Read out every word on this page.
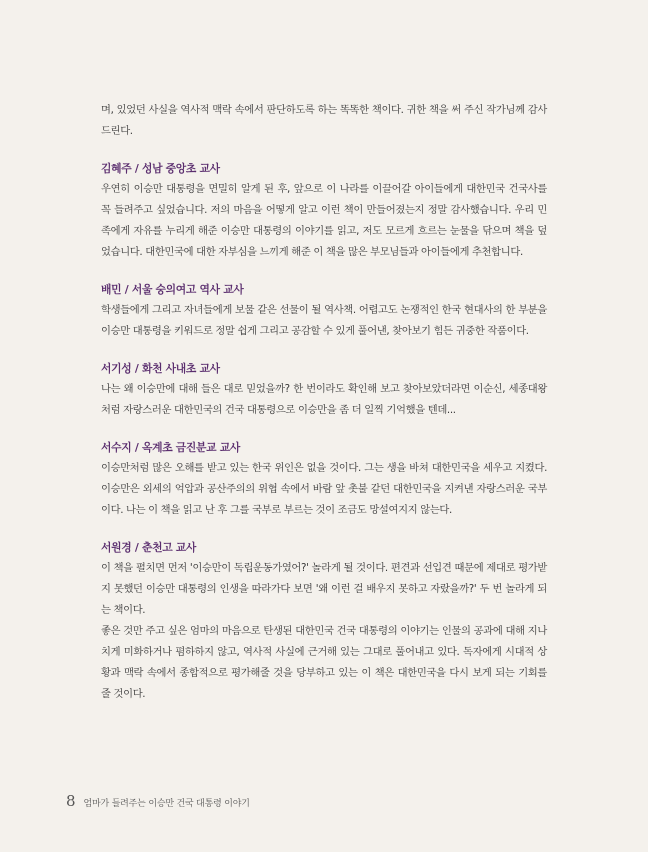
며, 있었던 사실을 역사적 맥락 속에서 판단하도록 하는 똑똑한 책이다. 귀한 책을 써 주신 작가님께 감사드린다.

김혜주 / 성남 중앙초 교사

우연히 이승만 대통령을 면밀히 알게 된 후, 앞으로 이 나라를 이끌어갈 아이들에게 대한민국 건국사를 꼭 들려주고 싶었습니다. 저의 마음을 어떻게 알고 이런 책이 만들어졌는지 정말 감사했습니다. 우리 민족에게 자유를 누리게 해준 이승만 대통령의 이야기를 읽고, 저도 모르게 흐르는 눈물을 닦으며 책을 덮었습니다. 대한민국에 대한 자부심을 느끼게 해준 이 책을 많은 부모님들과 아이들에게 추천합니다.

배민 / 서울 숭의여고 역사 교사

학생들에게 그리고 자녀들에게 보물 같은 선물이 될 역사책. 어렵고도 논쟁적인 한국 현대사의 한 부분을 이승만 대통령을 키워드로 정말 쉽게 그리고 공감할 수 있게 풀어낸, 찾아보기 힘든 귀중한 작품이다.

서기성 / 화천 사내초 교사

나는 왜 이승만에 대해 들은 대로 믿었을까? 한 번이라도 확인해 보고 찾아보았더라면 이순신, 세종대왕처럼 자랑스러운 대한민국의 건국 대통령으로 이승만을 좀 더 일찍 기억했을 텐데...

서수지 / 옥계초 금진분교 교사

이승만처럼 많은 오해를 받고 있는 한국 위인은 없을 것이다. 그는 생을 바쳐 대한민국을 세우고 지켰다. 이승만은 외세의 억압과 공산주의의 위협 속에서 바람 앞 촛불 같던 대한민국을 지켜낸 자랑스러운 국부이다. 나는 이 책을 읽고 난 후 그를 국부로 부르는 것이 조금도 망설여지지 않는다.

서원경 / 춘천고 교사

이 책을 펼치면 먼저 '이승만이 독립운동가였어?' 놀라게 될 것이다. 편견과 선입견 때문에 제대로 평가받지 못했던 이승만 대통령의 인생을 따라가다 보면 '왜 이런 걸 배우지 못하고 자랐을까?' 두 번 놀라게 되는 책이다.

좋은 것만 주고 싶은 엄마의 마음으로 탄생된 대한민국 건국 대통령의 이야기는 인물의 공과에 대해 지나치게 미화하거나 폄하하지 않고, 역사적 사실에 근거해 있는 그대로 풀어내고 있다. 독자에게 시대적 상황과 맥락 속에서 종합적으로 평가해줄 것을 당부하고 있는 이 책은 대한민국을 다시 보게 되는 기회를 줄 것이다.

8 엄마가 들려주는 이승만 건국 대통령 이야기
